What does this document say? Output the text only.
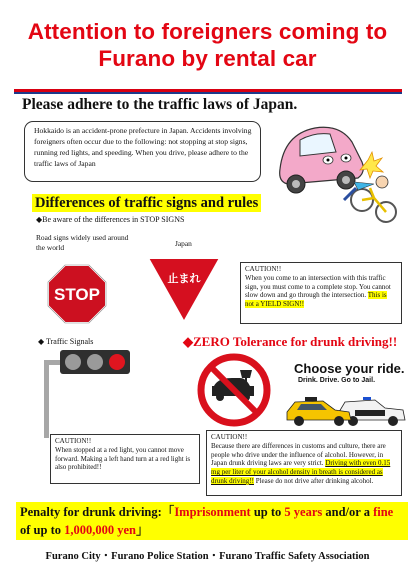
Attention to foreigners coming to
Furano by rental car
Please adhere to the traffic laws of Japan.
Hokkaido is an accident-prone prefecture in Japan. Accidents involving foreigners often occur due to the following: not stopping at stop signs, running red lights, and speeding. When you drive, please adhere to the traffic laws of Japan
Differences of traffic signs and rules
◆Be aware of the differences in STOP SIGNS
Road signs widely used around the world	Japan
STOP
止まれ
CAUTION!!
When you come to an intersection with this traffic sign, you must come to a complete stop. You cannot slow down and go through the intersection. This is not a YIELD SIGN!!
◆ Traffic Signals
CAUTION!!
When stopped at a red light, you cannot move forward. Making a left hand turn at a red light is also prohibited!!
◆ZERO Tolerance for drunk driving!!
Choose your ride.
Drink. Drive. Go to Jail.
CAUTION!!
Because there are differences in customs and culture, there are people who drive under the influence of alcohol. However, in Japan drunk driving laws are very strict. Driving with even 0.15 mg per liter of your alcohol density in breath is considered as drunk driving!! Please do not drive after drinking alcohol.
Penalty for drunk driving:「Imprisonment up to 5 years and/or a fine of up to 1,000,000 yen」
Furano City・Furano Police Station・Furano Traffic Safety Association
